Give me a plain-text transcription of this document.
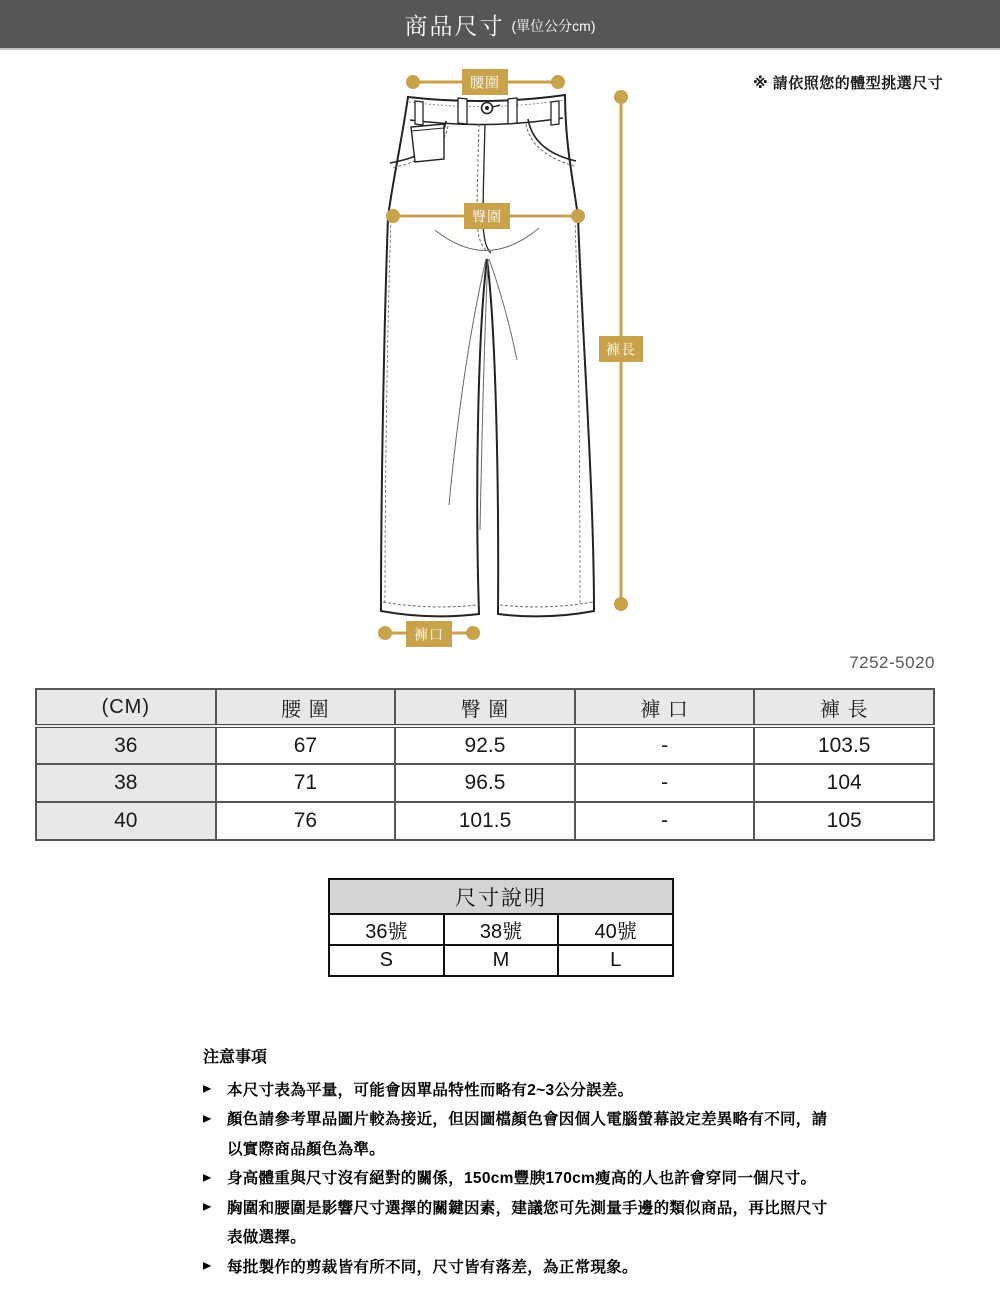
商品尺寸 (單位公分cm)
※ 請依照您的體型挑選尺寸
腰圍
臀圍
褲長
褲口
7252-5020
(CM)	腰 圍	臀 圍	褲 口	褲 長
36	67	92.5	-	103.5
38	71	96.5	-	104
40	76	101.5	-	105
尺寸說明		
36號	38號	40號
S	M	L
注意事項
▶ 本尺寸表為平量，可能會因單品特性而略有2~3公分誤差。
▶ 顏色請參考單品圖片較為接近，但因圖檔顏色會因個人電腦螢幕設定差異略有不同，請
以實際商品顏色為準。
▶ 身高體重與尺寸沒有絕對的關係，150cm豐腴170cm瘦高的人也許會穿同一個尺寸。
▶ 胸圍和腰圍是影響尺寸選擇的關鍵因素，建議您可先測量手邊的類似商品，再比照尺寸
表做選擇。
▶ 每批製作的剪裁皆有所不同，尺寸皆有落差，為正常現象。
